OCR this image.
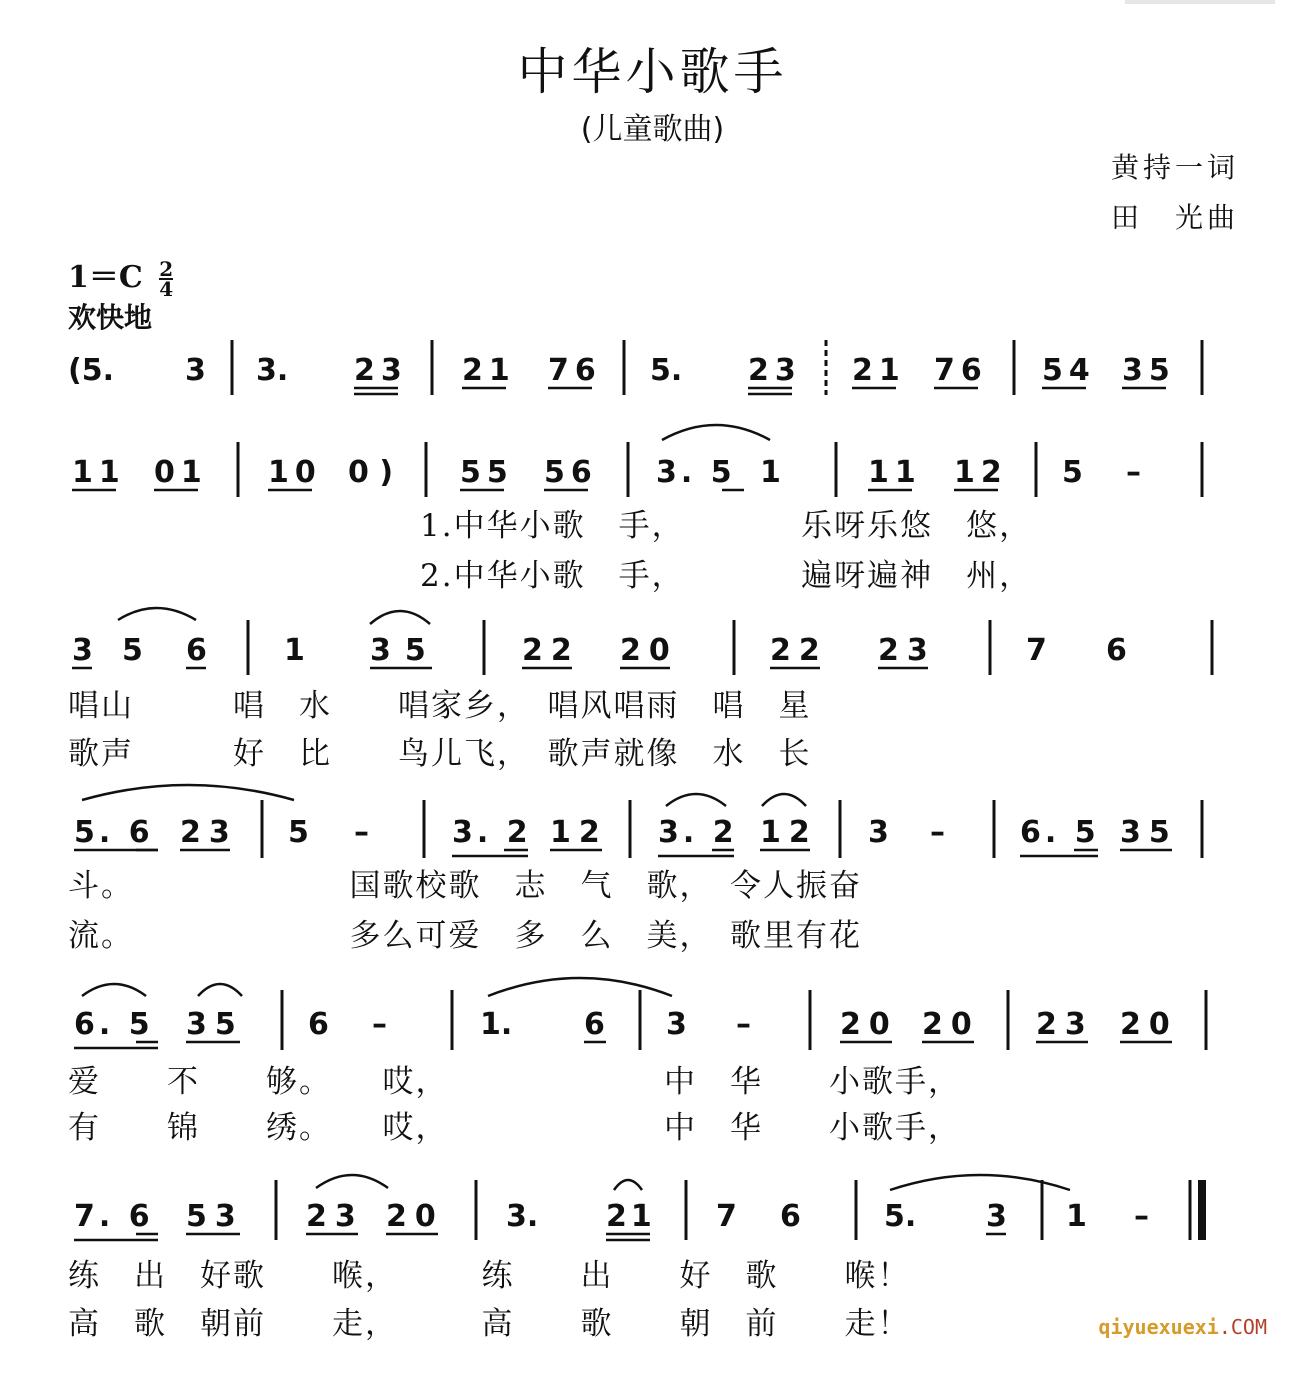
中华小歌手
(儿童歌曲)
黄持一词
田　光曲
$1=C \frac{2}{4}$
欢快地
(5. 3 3. 23 21 76 5. 23 21 76 54 35
11 01 10 0 ) 55 56 3. 5 1	11 12 5 –
1.中华小歌　手，　　　　乐呀乐悠　悠，
2.中华小歌　手，　　　　遍呀遍神　州，
3 5 6	1 35	22 20	22 23	7 6
唱山　　　唱　水　　唱家乡，　唱风唱雨　唱　星
歌声　　　好　比　　鸟儿飞，　歌声就像　水　长
5. 6 23 5 –	3. 2 12 3. 2 12 3 –	6. 5 35
斗。　　　　　　　国歌校歌　志　气　歌，　令人振奋
流。　　　　　　　多么可爱　多　么　美，　歌里有花
6. 5 35 6 –	1. 6 3 –	20 20 23 20
爱　　不　　够。　　哎，　　　　　　　中　华　　小歌手，
有　　锦　　绣。　　哎，　　　　　　　中　华　　小歌手，
7. 6 53 23 20 3. 21 7 6	5. 3 1 –
练　出　好歌　　喉，　　　练　　出　　好　歌　　喉！
高　歌　朝前　　走，　　　高　　歌　　朝　前　　走！	qiyuexuexi.COM
